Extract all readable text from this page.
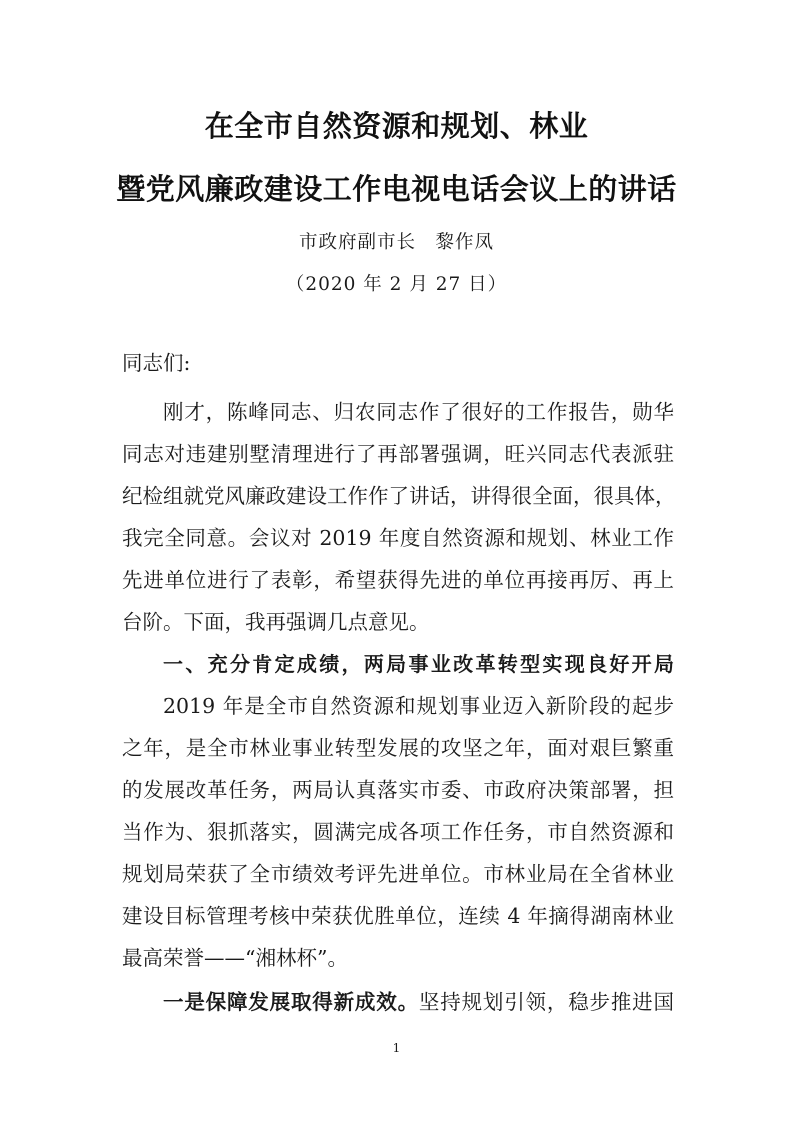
在全市自然资源和规划、林业
暨党风廉政建设工作电视电话会议上的讲话
市政府副市长　黎作凤
（2020 年 2 月 27 日）
同志们:
刚才，陈峰同志、归农同志作了很好的工作报告，勋华
同志对违建别墅清理进行了再部署强调，旺兴同志代表派驻
纪检组就党风廉政建设工作作了讲话，讲得很全面，很具体，
我完全同意。会议对 2019 年度自然资源和规划、林业工作
先进单位进行了表彰，希望获得先进的单位再接再厉、再上
台阶。下面，我再强调几点意见。
一、充分肯定成绩，两局事业改革转型实现良好开局
2019 年是全市自然资源和规划事业迈入新阶段的起步
之年，是全市林业事业转型发展的攻坚之年，面对艰巨繁重
的发展改革任务，两局认真落实市委、市政府决策部署，担
当作为、狠抓落实，圆满完成各项工作任务，市自然资源和
规划局荣获了全市绩效考评先进单位。市林业局在全省林业
建设目标管理考核中荣获优胜单位，连续 4 年摘得湖南林业
最高荣誉——“湘林杯”。
一是保障发展取得新成效。坚持规划引领，稳步推进国
1
